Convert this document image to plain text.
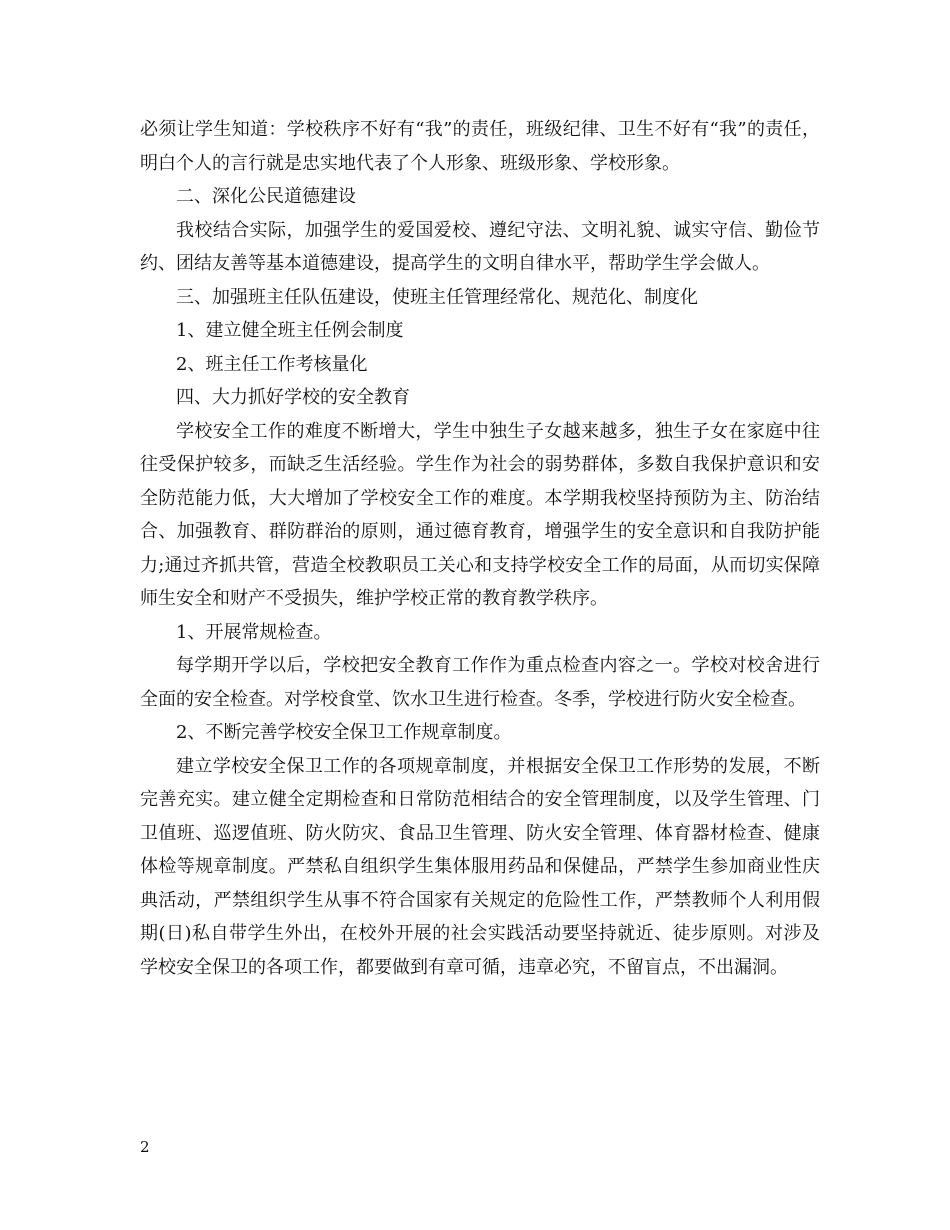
必须让学生知道：学校秩序不好有“我”的责任，班级纪律、卫生不好有“我”的责任，明白个人的言行就是忠实地代表了个人形象、班级形象、学校形象。

二、深化公民道德建设

我校结合实际，加强学生的爱国爱校、遵纪守法、文明礼貌、诚实守信、勤俭节约、团结友善等基本道德建设，提高学生的文明自律水平，帮助学生学会做人。

三、加强班主任队伍建设，使班主任管理经常化、规范化、制度化

1、建立健全班主任例会制度

2、班主任工作考核量化

四、大力抓好学校的安全教育

学校安全工作的难度不断增大，学生中独生子女越来越多，独生子女在家庭中往往受保护较多，而缺乏生活经验。学生作为社会的弱势群体，多数自我保护意识和安全防范能力低，大大增加了学校安全工作的难度。本学期我校坚持预防为主、防治结合、加强教育、群防群治的原则，通过德育教育，增强学生的安全意识和自我防护能力;通过齐抓共管，营造全校教职员工关心和支持学校安全工作的局面，从而切实保障师生安全和财产不受损失，维护学校正常的教育教学秩序。

1、开展常规检查。

每学期开学以后，学校把安全教育工作作为重点检查内容之一。学校对校舍进行全面的安全检查。对学校食堂、饮水卫生进行检查。冬季，学校进行防火安全检查。

2、不断完善学校安全保卫工作规章制度。

建立学校安全保卫工作的各项规章制度，并根据安全保卫工作形势的发展，不断完善充实。建立健全定期检查和日常防范相结合的安全管理制度，以及学生管理、门卫值班、巡逻值班、防火防灾、食品卫生管理、防火安全管理、体育器材检查、健康体检等规章制度。严禁私自组织学生集体服用药品和保健品，严禁学生参加商业性庆典活动，严禁组织学生从事不符合国家有关规定的危险性工作，严禁教师个人利用假期(日)私自带学生外出，在校外开展的社会实践活动要坚持就近、徒步原则。对涉及学校安全保卫的各项工作，都要做到有章可循，违章必究，不留盲点，不出漏洞。

2
